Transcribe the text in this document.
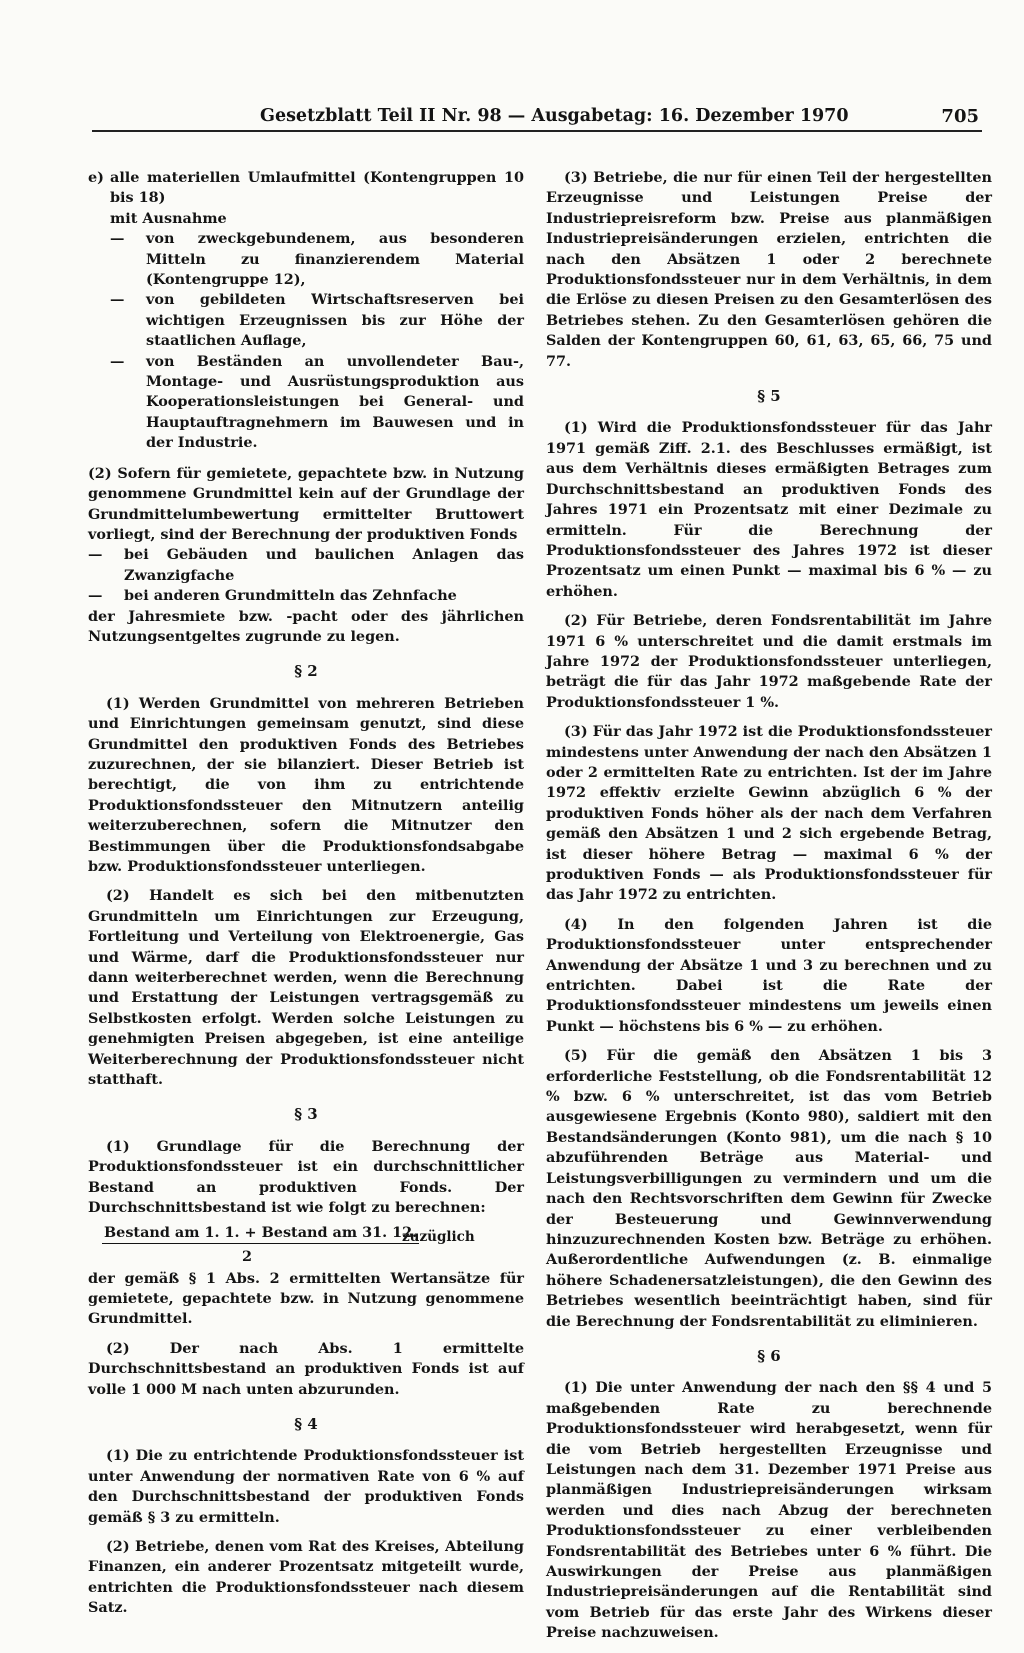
Gesetzblatt Teil II Nr. 98 — Ausgabetag: 16. Dezember 1970	705
e) alle materiellen Umlaufmittel (Kontengruppen 10 bis 18)
mit Ausnahme
— von zweckgebundenem, aus besonderen Mitteln zu finanzierendem Material (Kontengruppe 12),
— von gebildeten Wirtschaftsreserven bei wichtigen Erzeugnissen bis zur Höhe der staatlichen Auflage,
— von Beständen an unvollendeter Bau-, Montage- und Ausrüstungsproduktion aus Kooperationsleistungen bei General- und Hauptauftragnehmern im Bauwesen und in der Industrie.

(2) Sofern für gemietete, gepachtete bzw. in Nutzung genommene Grundmittel kein auf der Grundlage der Grundmittelumbewertung ermittelter Bruttowert vorliegt, sind der Berechnung der produktiven Fonds

— bei Gebäuden und baulichen Anlagen das Zwanzigfache
— bei anderen Grundmitteln das Zehnfache

der Jahresmiete bzw. -pacht oder des jährlichen Nutzungsentgeltes zugrunde zu legen.

§ 2

(1) Werden Grundmittel von mehreren Betrieben und Einrichtungen gemeinsam genutzt, sind diese Grundmittel den produktiven Fonds des Betriebes zuzurechnen, der sie bilanziert. Dieser Betrieb ist berechtigt, die von ihm zu entrichtende Produktionsfondssteuer den Mitnutzern anteilig weiterzuberechnen, sofern die Mitnutzer den Bestimmungen über die Produktionsfondsabgabe bzw. Produktionsfondssteuer unterliegen.

(2) Handelt es sich bei den mitbenutzten Grundmitteln um Einrichtungen zur Erzeugung, Fortleitung und Verteilung von Elektroenergie, Gas und Wärme, darf die Produktionsfondssteuer nur dann weiterberechnet werden, wenn die Berechnung und Erstattung der Leistungen vertragsgemäß zu Selbstkosten erfolgt. Werden solche Leistungen zu genehmigten Preisen abgegeben, ist eine anteilige Weiterberechnung der Produktionsfondssteuer nicht statthaft.

§ 3

(1) Grundlage für die Berechnung der Produktionsfondssteuer ist ein durchschnittlicher Bestand an produktiven Fonds. Der Durchschnittsbestand ist wie folgt zu berechnen:

Bestand am 1. 1. + Bestand am 31. 12.
2
zuzüglich

der gemäß § 1 Abs. 2 ermittelten Wertansätze für gemietete, gepachtete bzw. in Nutzung genommene Grundmittel.

(2) Der nach Abs. 1 ermittelte Durchschnittsbestand an produktiven Fonds ist auf volle 1 000 M nach unten abzurunden.

§ 4

(1) Die zu entrichtende Produktionsfondssteuer ist unter Anwendung der normativen Rate von 6 % auf den Durchschnittsbestand der produktiven Fonds gemäß § 3 zu ermitteln.

(2) Betriebe, denen vom Rat des Kreises, Abteilung Finanzen, ein anderer Prozentsatz mitgeteilt wurde, entrichten die Produktionsfondssteuer nach diesem Satz.

(3) Betriebe, die nur für einen Teil der hergestellten Erzeugnisse und Leistungen Preise der Industriepreisreform bzw. Preise aus planmäßigen Industriepreisänderungen erzielen, entrichten die nach den Absätzen 1 oder 2 berechnete Produktionsfondssteuer nur in dem Verhältnis, in dem die Erlöse zu diesen Preisen zu den Gesamterlösen des Betriebes stehen. Zu den Gesamterlösen gehören die Salden der Kontengruppen 60, 61, 63, 65, 66, 75 und 77.

§ 5

(1) Wird die Produktionsfondssteuer für das Jahr 1971 gemäß Ziff. 2.1. des Beschlusses ermäßigt, ist aus dem Verhältnis dieses ermäßigten Betrages zum Durchschnittsbestand an produktiven Fonds des Jahres 1971 ein Prozentsatz mit einer Dezimale zu ermitteln. Für die Berechnung der Produktionsfondssteuer des Jahres 1972 ist dieser Prozentsatz um einen Punkt — maximal bis 6 % — zu erhöhen.

(2) Für Betriebe, deren Fondsrentabilität im Jahre 1971 6 % unterschreitet und die damit erstmals im Jahre 1972 der Produktionsfondssteuer unterliegen, beträgt die für das Jahr 1972 maßgebende Rate der Produktionsfondssteuer 1 %.

(3) Für das Jahr 1972 ist die Produktionsfondssteuer mindestens unter Anwendung der nach den Absätzen 1 oder 2 ermittelten Rate zu entrichten. Ist der im Jahre 1972 effektiv erzielte Gewinn abzüglich 6 % der produktiven Fonds höher als der nach dem Verfahren gemäß den Absätzen 1 und 2 sich ergebende Betrag, ist dieser höhere Betrag — maximal 6 % der produktiven Fonds — als Produktionsfondssteuer für das Jahr 1972 zu entrichten.

(4) In den folgenden Jahren ist die Produktionsfondssteuer unter entsprechender Anwendung der Absätze 1 und 3 zu berechnen und zu entrichten. Dabei ist die Rate der Produktionsfondssteuer mindestens um jeweils einen Punkt — höchstens bis 6 % — zu erhöhen.

(5) Für die gemäß den Absätzen 1 bis 3 erforderliche Feststellung, ob die Fondsrentabilität 12 % bzw. 6 % unterschreitet, ist das vom Betrieb ausgewiesene Ergebnis (Konto 980), saldiert mit den Bestandsänderungen (Konto 981), um die nach § 10 abzuführenden Beträge aus Material- und Leistungsverbilligungen zu vermindern und um die nach den Rechtsvorschriften dem Gewinn für Zwecke der Besteuerung und Gewinnverwendung hinzuzurechnenden Kosten bzw. Beträge zu erhöhen. Außerordentliche Aufwendungen (z. B. einmalige höhere Schadenersatzleistungen), die den Gewinn des Betriebes wesentlich beeinträchtigt haben, sind für die Berechnung der Fondsrentabilität zu eliminieren.

§ 6

(1) Die unter Anwendung der nach den §§ 4 und 5 maßgebenden Rate zu berechnende Produktionsfondssteuer wird herabgesetzt, wenn für die vom Betrieb hergestellten Erzeugnisse und Leistungen nach dem 31. Dezember 1971 Preise aus planmäßigen Industriepreisänderungen wirksam werden und dies nach Abzug der berechneten Produktionsfondssteuer zu einer verbleibenden Fondsrentabilität des Betriebes unter 6 % führt. Die Auswirkungen der Preise aus planmäßigen Industriepreisänderungen auf die Rentabilität sind vom Betrieb für das erste Jahr des Wirkens dieser Preise nachzuweisen.
